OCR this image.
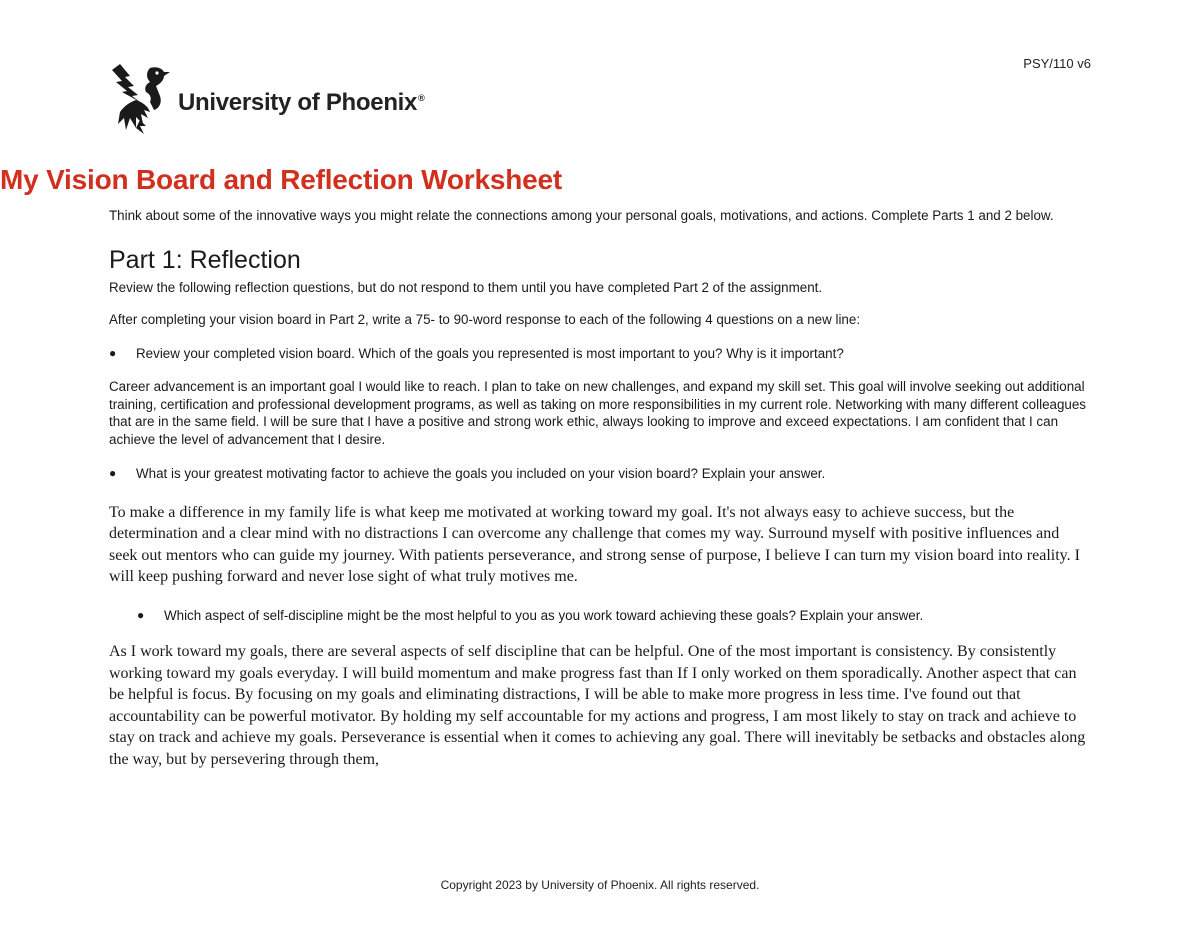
PSY/110 v6
University of Phoenix®
My Vision Board and Reflection Worksheet

Think about some of the innovative ways you might relate the connections among your personal goals, motivations, and actions. Complete Parts 1 and 2 below.

Part 1: Reflection

Review the following reflection questions, but do not respond to them until you have completed Part 2 of the assignment.

After completing your vision board in Part 2, write a 75- to 90-word response to each of the following 4 questions on a new line:

●	Review your completed vision board. Which of the goals you represented is most important to you? Why is it important?

Career advancement is an important goal I would like to reach. I plan to take on new challenges, and expand my skill set. This goal will involve seeking out additional training, certification and professional development programs, as well as taking on more responsibilities in my current role. Networking with many different colleagues that are in the same field. I will be sure that I have a positive and strong work ethic, always looking to improve and exceed expectations. I am confident that I can achieve the level of advancement that I desire.

●	What is your greatest motivating factor to achieve the goals you included on your vision board? Explain your answer.

To make a difference in my family life is what keep me motivated at working toward my goal. It's not always easy to achieve success, but the determination and a clear mind with no distractions I can overcome any challenge that comes my way. Surround myself with positive influences and seek out mentors who can guide my journey. With patients perseverance, and strong sense of purpose, I believe I can turn my vision board into reality. I will keep pushing forward and never lose sight of what truly motives me.

●	Which aspect of self-discipline might be the most helpful to you as you work toward achieving these goals? Explain your answer.

As I work toward my goals, there are several aspects of self discipline that can be helpful. One of the most important is consistency. By consistently working toward my goals everyday. I will build momentum and make progress fast than If I only worked on them sporadically. Another aspect that can be helpful is focus. By focusing on my goals and eliminating distractions, I will be able to make more progress in less time. I've found out that accountability can be powerful motivator. By holding my self accountable for my actions and progress, I am most likely to stay on track and achieve to stay on track and achieve my goals. Perseverance is essential when it comes to achieving any goal. There will inevitably be setbacks and obstacles along the way, but by persevering through them,

Copyright 2023 by University of Phoenix. All rights reserved.
